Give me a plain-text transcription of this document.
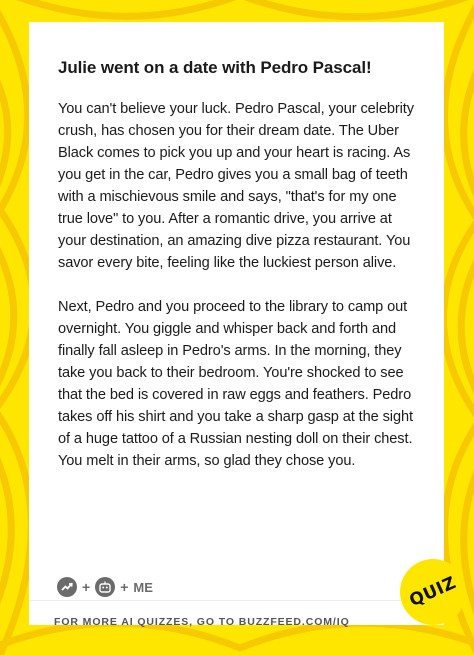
Julie went on a date with Pedro Pascal!

You can't believe your luck. Pedro Pascal, your celebrity crush, has chosen you for their dream date. The Uber Black comes to pick you up and your heart is racing. As you get in the car, Pedro gives you a small bag of teeth with a mischievous smile and says, "that's for my one true love" to you. After a romantic drive, you arrive at your destination, an amazing dive pizza restaurant. You savor every bite, feeling like the luckiest person alive.

Next, Pedro and you proceed to the library to camp out overnight. You giggle and whisper back and forth and finally fall asleep in Pedro's arms. In the morning, they take you back to their bedroom. You're shocked to see that the bed is covered in raw eggs and feathers. Pedro takes off his shirt and you take a sharp gasp at the sight of a huge tattoo of a Russian nesting doll on their chest. You melt in their arms, so glad they chose you.

+ + ME
FOR MORE AI QUIZZES, GO TO BUZZFEED.COM/IQ
QUIZ
